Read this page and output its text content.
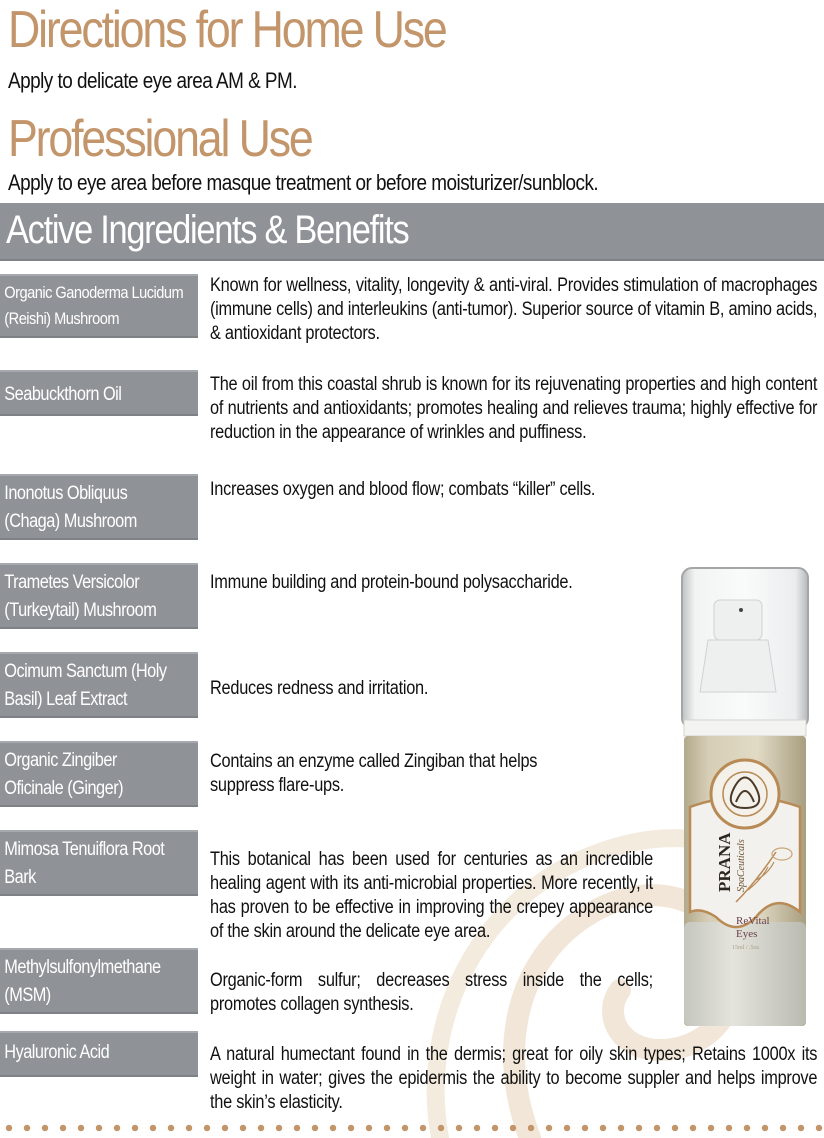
Directions for Home Use

Apply to delicate eye area AM & PM.

Professional Use

Apply to eye area before masque treatment or before moisturizer/sunblock.

Active Ingredients & Benefits
Organic Ganoderma Lucidum (Reishi) Mushroom
Known for wellness, vitality, longevity & anti-viral. Provides stimulation of macrophages (immune cells) and interleukins (anti-tumor). Superior source of vitamin B, amino acids, & antioxidant protectors.
Seabuckthorn Oil	The oil from this coastal shrub is known for its rejuvenating properties and high content of nutrients and antioxidants; promotes healing and relieves trauma; highly effective for reduction in the appearance of wrinkles and puffiness.
Inonotus Obliquus (Chaga) Mushroom
Increases oxygen and blood flow; combats “killer” cells.
Trametes Versicolor (Turkeytail) Mushroom
Immune building and protein-bound polysaccharide.
Ocimum Sanctum (Holy Basil) Leaf Extract
Reduces redness and irritation.
Organic Zingiber Oficinale (Ginger)
Contains an enzyme called Zingiban that helps suppress flare-ups.
Mimosa Tenuiflora Root Bark
This botanical has been used for centuries as an incredible healing agent with its anti-microbial properties. More recently, it has proven to be effective in improving the crepey appearance of the skin around the delicate eye area.
Methylsulfonylmethane (MSM)
Organic-form sulfur; decreases stress inside the cells; promotes collagen synthesis.
Hyaluronic Acid	A natural humectant found in the dermis; great for oily skin types; Retains 1000x its weight in water; gives the epidermis the ability to become suppler and helps improve the skin’s elasticity.
PRANA SpaCeuticals
ReVital
Eyes
15ml / .5oz.
